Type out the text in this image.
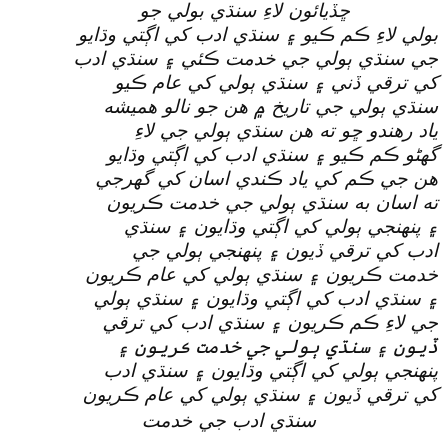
ڇڏيائون لاءِ سنڌي بولي جو
بولي لاءِ ڪم ڪيو ۽ سنڌي ادب کي اڳتي وڌايو
جي سنڌي ٻولي جي خدمت ڪئي ۽ سنڌي ادب
کي ترقي ڏني ۽ سنڌي ٻولي کي عام ڪيو
سنڌي ٻولي جي تاريخ ۾ هن جو نالو هميشه
ياد رهندو ڇو ته هن سنڌي ٻولي جي لاءِ
گهڻو ڪم ڪيو ۽ سنڌي ادب کي اڳتي وڌايو
هن جي ڪم کي ياد ڪندي اسان کي گهرجي
ته اسان به سنڌي ٻولي جي خدمت ڪريون
۽ پنهنجي ٻولي کي اڳتي وڌايون ۽ سنڌي
ادب کي ترقي ڏيون ۽ پنهنجي ٻولي جي
خدمت ڪريون ۽ سنڌي ٻولي کي عام ڪريون
۽ سنڌي ادب کي اڳتي وڌايون ۽ سنڌي ٻولي
جي لاءِ ڪم ڪريون ۽ سنڌي ادب کي ترقي
ڏيون ۽ سنڌي ٻولي جي خدمت ڪريون ۽
پنهنجي ٻولي کي اڳتي وڌايون ۽ سنڌي ادب
کي ترقي ڏيون ۽ سنڌي ٻولي کي عام ڪريون
سنڌي ادب جي خدمت
